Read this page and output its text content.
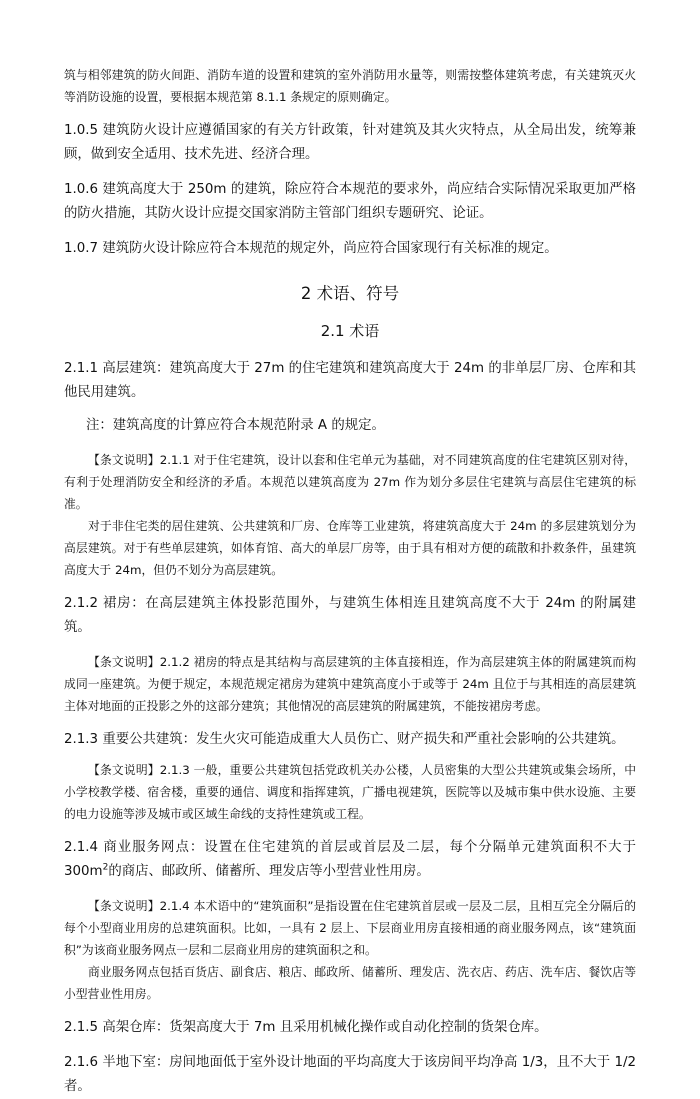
筑与相邻建筑的防火间距、消防车道的设置和建筑的室外消防用水量等，则需按整体建筑考虑，有关建筑灭火等消防设施的设置，要根据本规范第 8.1.1 条规定的原则确定。

1.0.5 建筑防火设计应遵循国家的有关方针政策，针对建筑及其火灾特点，从全局出发，统筹兼顾，做到安全适用、技术先进、经济合理。

1.0.6 建筑高度大于 250m 的建筑，除应符合本规范的要求外，尚应结合实际情况采取更加严格的防火措施，其防火设计应提交国家消防主管部门组织专题研究、论证。

1.0.7 建筑防火设计除应符合本规范的规定外，尚应符合国家现行有关标准的规定。

2 术语、符号
2.1 术语

2.1.1 高层建筑：建筑高度大于 27m 的住宅建筑和建筑高度大于 24m 的非单层厂房、仓库和其他民用建筑。

注：建筑高度的计算应符合本规范附录 A 的规定。

【条文说明】2.1.1 对于住宅建筑，设计以套和住宅单元为基础，对不同建筑高度的住宅建筑区别对待，有利于处理消防安全和经济的矛盾。本规范以建筑高度为 27m 作为划分多层住宅建筑与高层住宅建筑的标准。

对于非住宅类的居住建筑、公共建筑和厂房、仓库等工业建筑，将建筑高度大于 24m 的多层建筑划分为高层建筑。对于有些单层建筑，如体育馆、高大的单层厂房等，由于具有相对方便的疏散和扑救条件，虽建筑高度大于 24m，但仍不划分为高层建筑。

2.1.2 裙房：在高层建筑主体投影范围外，与建筑生体相连且建筑高度不大于 24m 的附属建筑。

【条文说明】2.1.2 裙房的特点是其结构与高层建筑的主体直接相连，作为高层建筑主体的附属建筑而构成同一座建筑。为便于规定，本规范规定裙房为建筑中建筑高度小于或等于 24m 且位于与其相连的高层建筑主体对地面的正投影之外的这部分建筑；其他情况的高层建筑的附属建筑，不能按裙房考虑。

2.1.3 重要公共建筑：发生火灾可能造成重大人员伤亡、财产损失和严重社会影响的公共建筑。

【条文说明】2.1.3 一般，重要公共建筑包括党政机关办公楼，人员密集的大型公共建筑或集会场所，中小学校教学楼、宿舍楼，重要的通信、调度和指挥建筑，广播电视建筑，医院等以及城市集中供水设施、主要的电力设施等涉及城市或区域生命线的支持性建筑或工程。

2.1.4 商业服务网点：设置在住宅建筑的首层或首层及二层，每个分隔单元建筑面积不大于 $300m^2$的商店、邮政所、储蓄所、理发店等小型营业性用房。

【条文说明】2.1.4 本术语中的“建筑面积”是指设置在住宅建筑首层或一层及二层，且相互完全分隔后的每个小型商业用房的总建筑面积。比如，一具有 2 层上、下层商业用房直接相通的商业服务网点，该“建筑面积”为该商业服务网点一层和二层商业用房的建筑面积之和。

商业服务网点包括百货店、副食店、粮店、邮政所、储蓄所、理发店、洗衣店、药店、洗车店、餐饮店等小型营业性用房。

2.1.5 高架仓库：货架高度大于 7m 且采用机械化操作或自动化控制的货架仓库。

2.1.6 半地下室：房间地面低于室外设计地面的平均高度大于该房间平均净高 1/3，且不大于 1/2 者。
